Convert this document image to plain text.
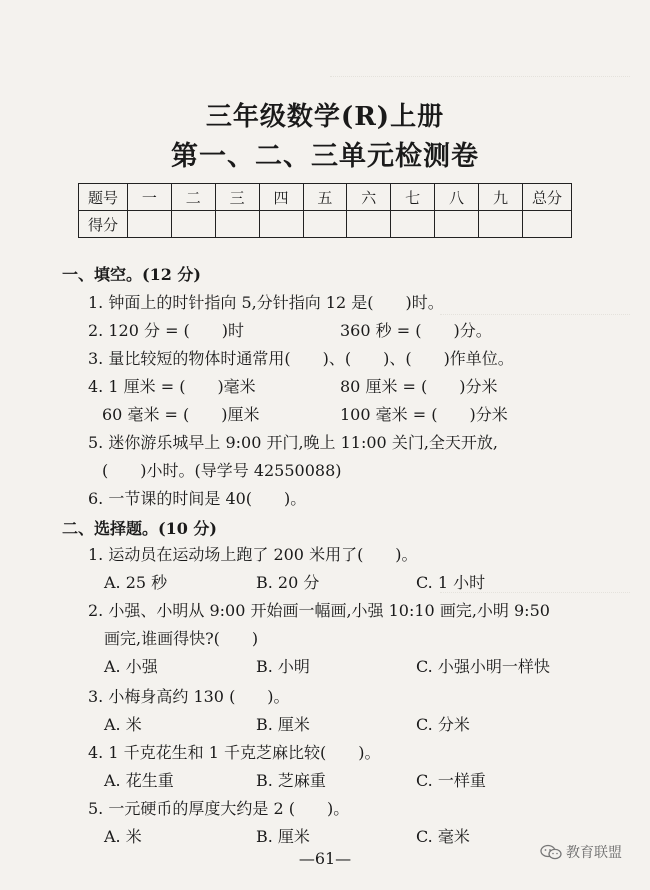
三年级数学(R)上册
第一、二、三单元检测卷
题号	一	二	三	四	五	六	七	八	九	总分
得分										
一、填空。(12 分)
1. 钟面上的时针指向 5,分针指向 12 是(　　)时。
2. 120 分 = (　　)时	360 秒 = (　　)分。
3. 量比较短的物体时通常用(　　)、(　　)、(　　)作单位。
4. 1 厘米 = (　　)毫米	80 厘米 = (　　)分米
60 毫米 = (　　)厘米	100 毫米 = (　　)分米
5. 迷你游乐城早上 9:00 开门,晚上 11:00 关门,全天开放,
(　　)小时。(导学号 42550088)
6. 一节课的时间是 40(　　)。
二、选择题。(10 分)
1. 运动员在运动场上跑了 200 米用了(　　)。
A. 25 秒	B. 20 分	C. 1 小时
2. 小强、小明从 9:00 开始画一幅画,小强 10:10 画完,小明 9:50
画完,谁画得快?(　　)
A. 小强	B. 小明	C. 小强小明一样快
3. 小梅身高约 130 (　　)。
A. 米	B. 厘米	C. 分米
4. 1 千克花生和 1 千克芝麻比较(　　)。
A. 花生重	B. 芝麻重	C. 一样重
5. 一元硬币的厚度大约是 2 (　　)。
A. 米	B. 厘米	C. 毫米
—61—	教育联盟
